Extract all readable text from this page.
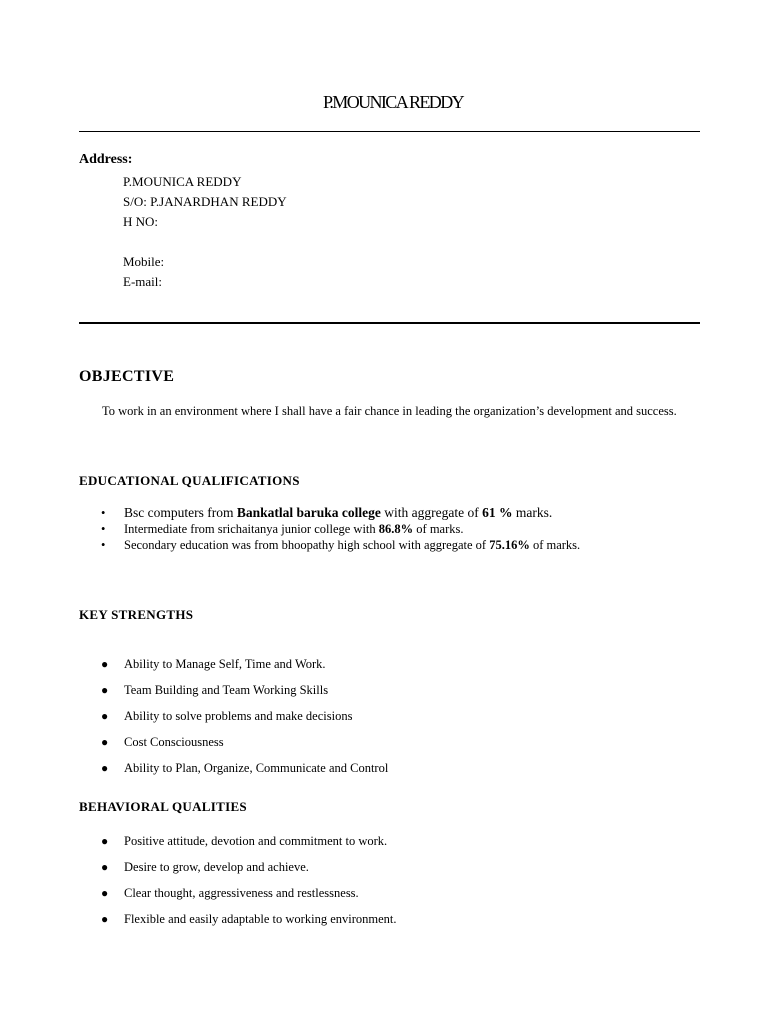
P.MOUNICA REDDY
Address:
P.MOUNICA REDDY
S/O: P.JANARDHAN REDDY
H NO:
Mobile:
E-mail:
OBJECTIVE
To work in an environment where I shall have a fair chance in leading the organization’s development and success.
EDUCATIONAL QUALIFICATIONS
• Bsc computers from Bankatlal baruka college with aggregate of 61 % marks.
• Intermediate from srichaitanya junior college with 86.8% of marks.
• Secondary education was from bhoopathy high school with aggregate of 75.16% of marks.
KEY STRENGTHS
● Ability to Manage Self, Time and Work.
● Team Building and Team Working Skills
● Ability to solve problems and make decisions
● Cost Consciousness
● Ability to Plan, Organize, Communicate and Control
BEHAVIORAL QUALITIES
● Positive attitude, devotion and commitment to work.
● Desire to grow, develop and achieve.
● Clear thought, aggressiveness and restlessness.
● Flexible and easily adaptable to working environment.
